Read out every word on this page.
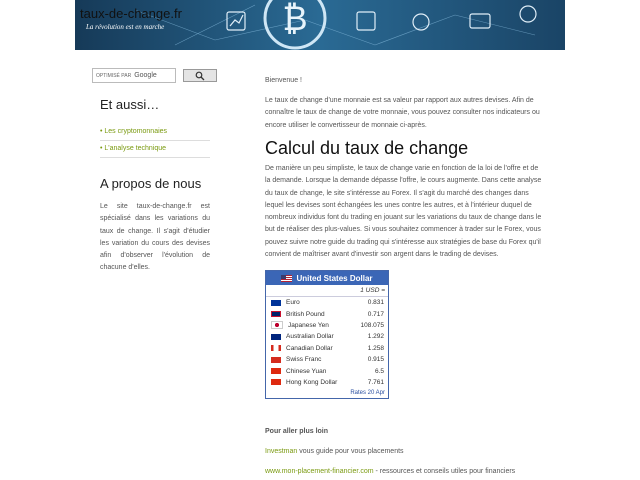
₿
taux-de-change.fr
La révolution est en marche
OPTIMISÉ PAR Google
Et aussi…
• Les cryptomonnaies
• L'analyse technique
A propos de nous
Le site taux-de-change.fr est spécialisé dans les variations du taux de change. Il s'agit d'étudier les variation du cours des devises afin d'observer l'évolution de chacune d'elles.
Bienvenue !
Le taux de change d'une monnaie est sa valeur par rapport aux autres devises. Afin de connaître le taux de change de votre monnaie, vous pouvez consulter nos indicateurs ou encore utiliser le convertisseur de monnaie ci-après.
Calcul du taux de change
De manière un peu simpliste, le taux de change varie en fonction de la loi de l'offre et de la demande. Lorsque la demande dépasse l'offre, le cours augmente. Dans cette analyse du taux de change, le site s'intéresse au Forex. Il s'agit du marché des changes dans lequel les devises sont échangées les unes contre les autres, et à l'intérieur duquel de nombreux individus font du trading en jouant sur les variations du taux de change dans le but de réaliser des plus-values. Si vous souhaitez commencer à trader sur le Forex, vous pouvez suivre notre guide du trading qui s'intéresse aux stratégies de base du Forex qu'il convient de maîtriser avant d'investir son argent dans le trading de devises.
United States Dollar
1 USD =
Euro	0.831
British Pound	0.717
Japanese Yen	108.075
Australian Dollar	1.292
Canadian Dollar	1.258
Swiss Franc	0.915
Chinese Yuan	6.5
Hong Kong Dollar	7.761
Rates 20 Apr
Pour aller plus loin
Investman vous guide pour vous placements
www.mon-placement-financier.com - ressources et conseils utiles pour financiers
